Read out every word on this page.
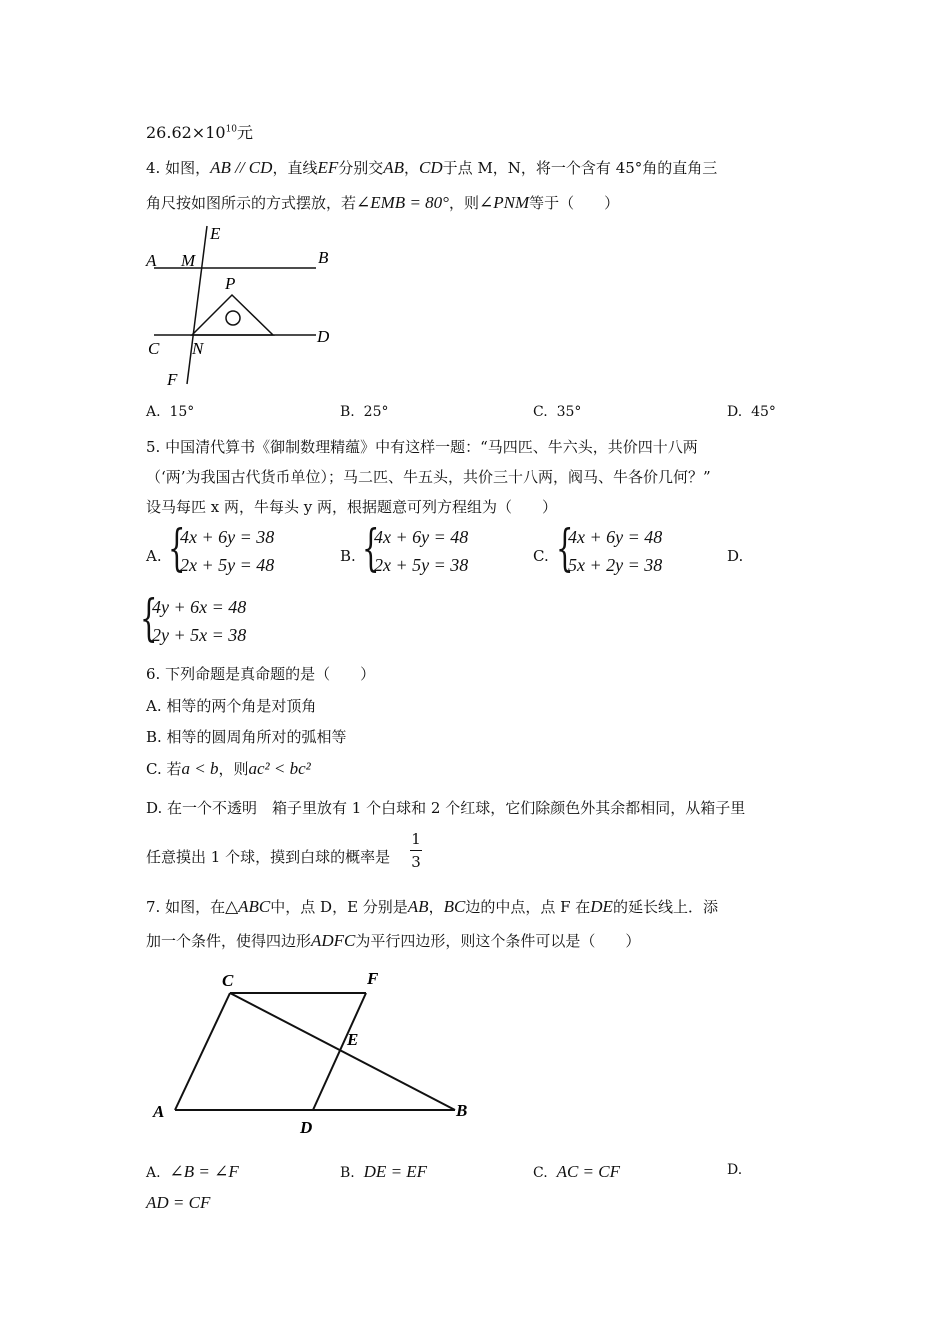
$26.62\times 10^{10}$元
4. 如图，AB // CD，直线EF分别交AB，CD于点 M，N，将一个含有 45°角的直角三
角尺按如图所示的方式摆放，若∠EMB = 80°，则∠PNM等于（　　）
E
A M	B
P
C N
D
F
A. 15°	B. 25°	C. 35°	D. 45°
5. 中国清代算书《御制数理精蕴》中有这样一题：“马四匹、牛六头，共价四十八两
（‘两’为我国古代货币单位）；马二匹、牛五头，共价三十八两，阀马、牛各价几何？”
设马每匹 x 两，牛每头 y 两，根据题意可列方程组为（　　）
A. {
4x + 6y = 38
2x + 5y = 48	B. {
4x + 6y = 48
2x + 5y = 38	C. {
4x + 6y = 48
5x + 2y = 38	D.
{
4y + 6x = 48
2y + 5x = 38
6. 下列命题是真命题的是（　　）
A. 相等的两个角是对顶角
B. 相等的圆周角所对的弧相等
C. 若a < b，则ac² < bc²
D. 在一个不透明　箱子里放有 1 个白球和 2 个红球，它们除颜色外其余都相同，从箱子里
任意摸出 1 个球，摸到白球的概率是
1
3
7. 如图，在△ABC中，点 D，E 分别是AB，BC边的中点，点 F 在DE的延长线上．添
加一个条件，使得四边形ADFC为平行四边形，则这个条件可以是（　　）
C	F
E
A
D
B
A. ∠B = ∠F	B. DE = EF	C. AC = CF	D.
AD = CF
